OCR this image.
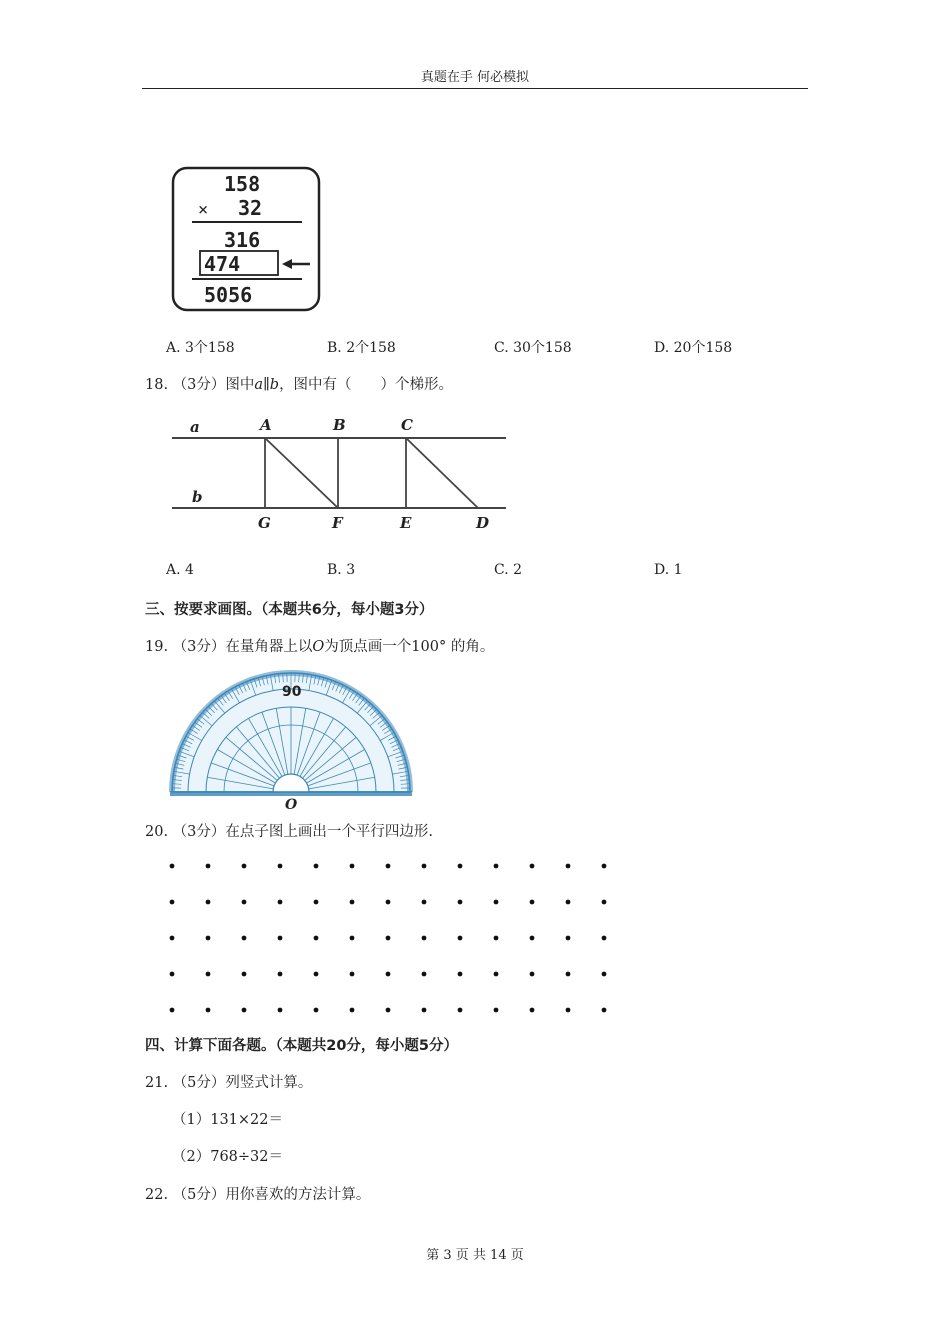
真题在手 何必模拟
158
× 32
316
474
5056
A. 3个158	B. 2个158	C. 30个158	D. 20个158
18. （3分）图中a∥b，图中有（　　）个梯形。
a
b
A	B	C
G	F	E	D
A. 4	B. 3	C. 2	D. 1
三、按要求画图。（本题共6分，每小题3分）
19. （3分）在量角器上以O为顶点画一个100° 的角。
90
O
20. （3分）在点子图上画出一个平行四边形.
四、计算下面各题。（本题共20分，每小题5分）
21. （5分）列竖式计算。
（1）131×22＝
（2）768÷32＝
22. （5分）用你喜欢的方法计算。
第 3 页 共 14 页
